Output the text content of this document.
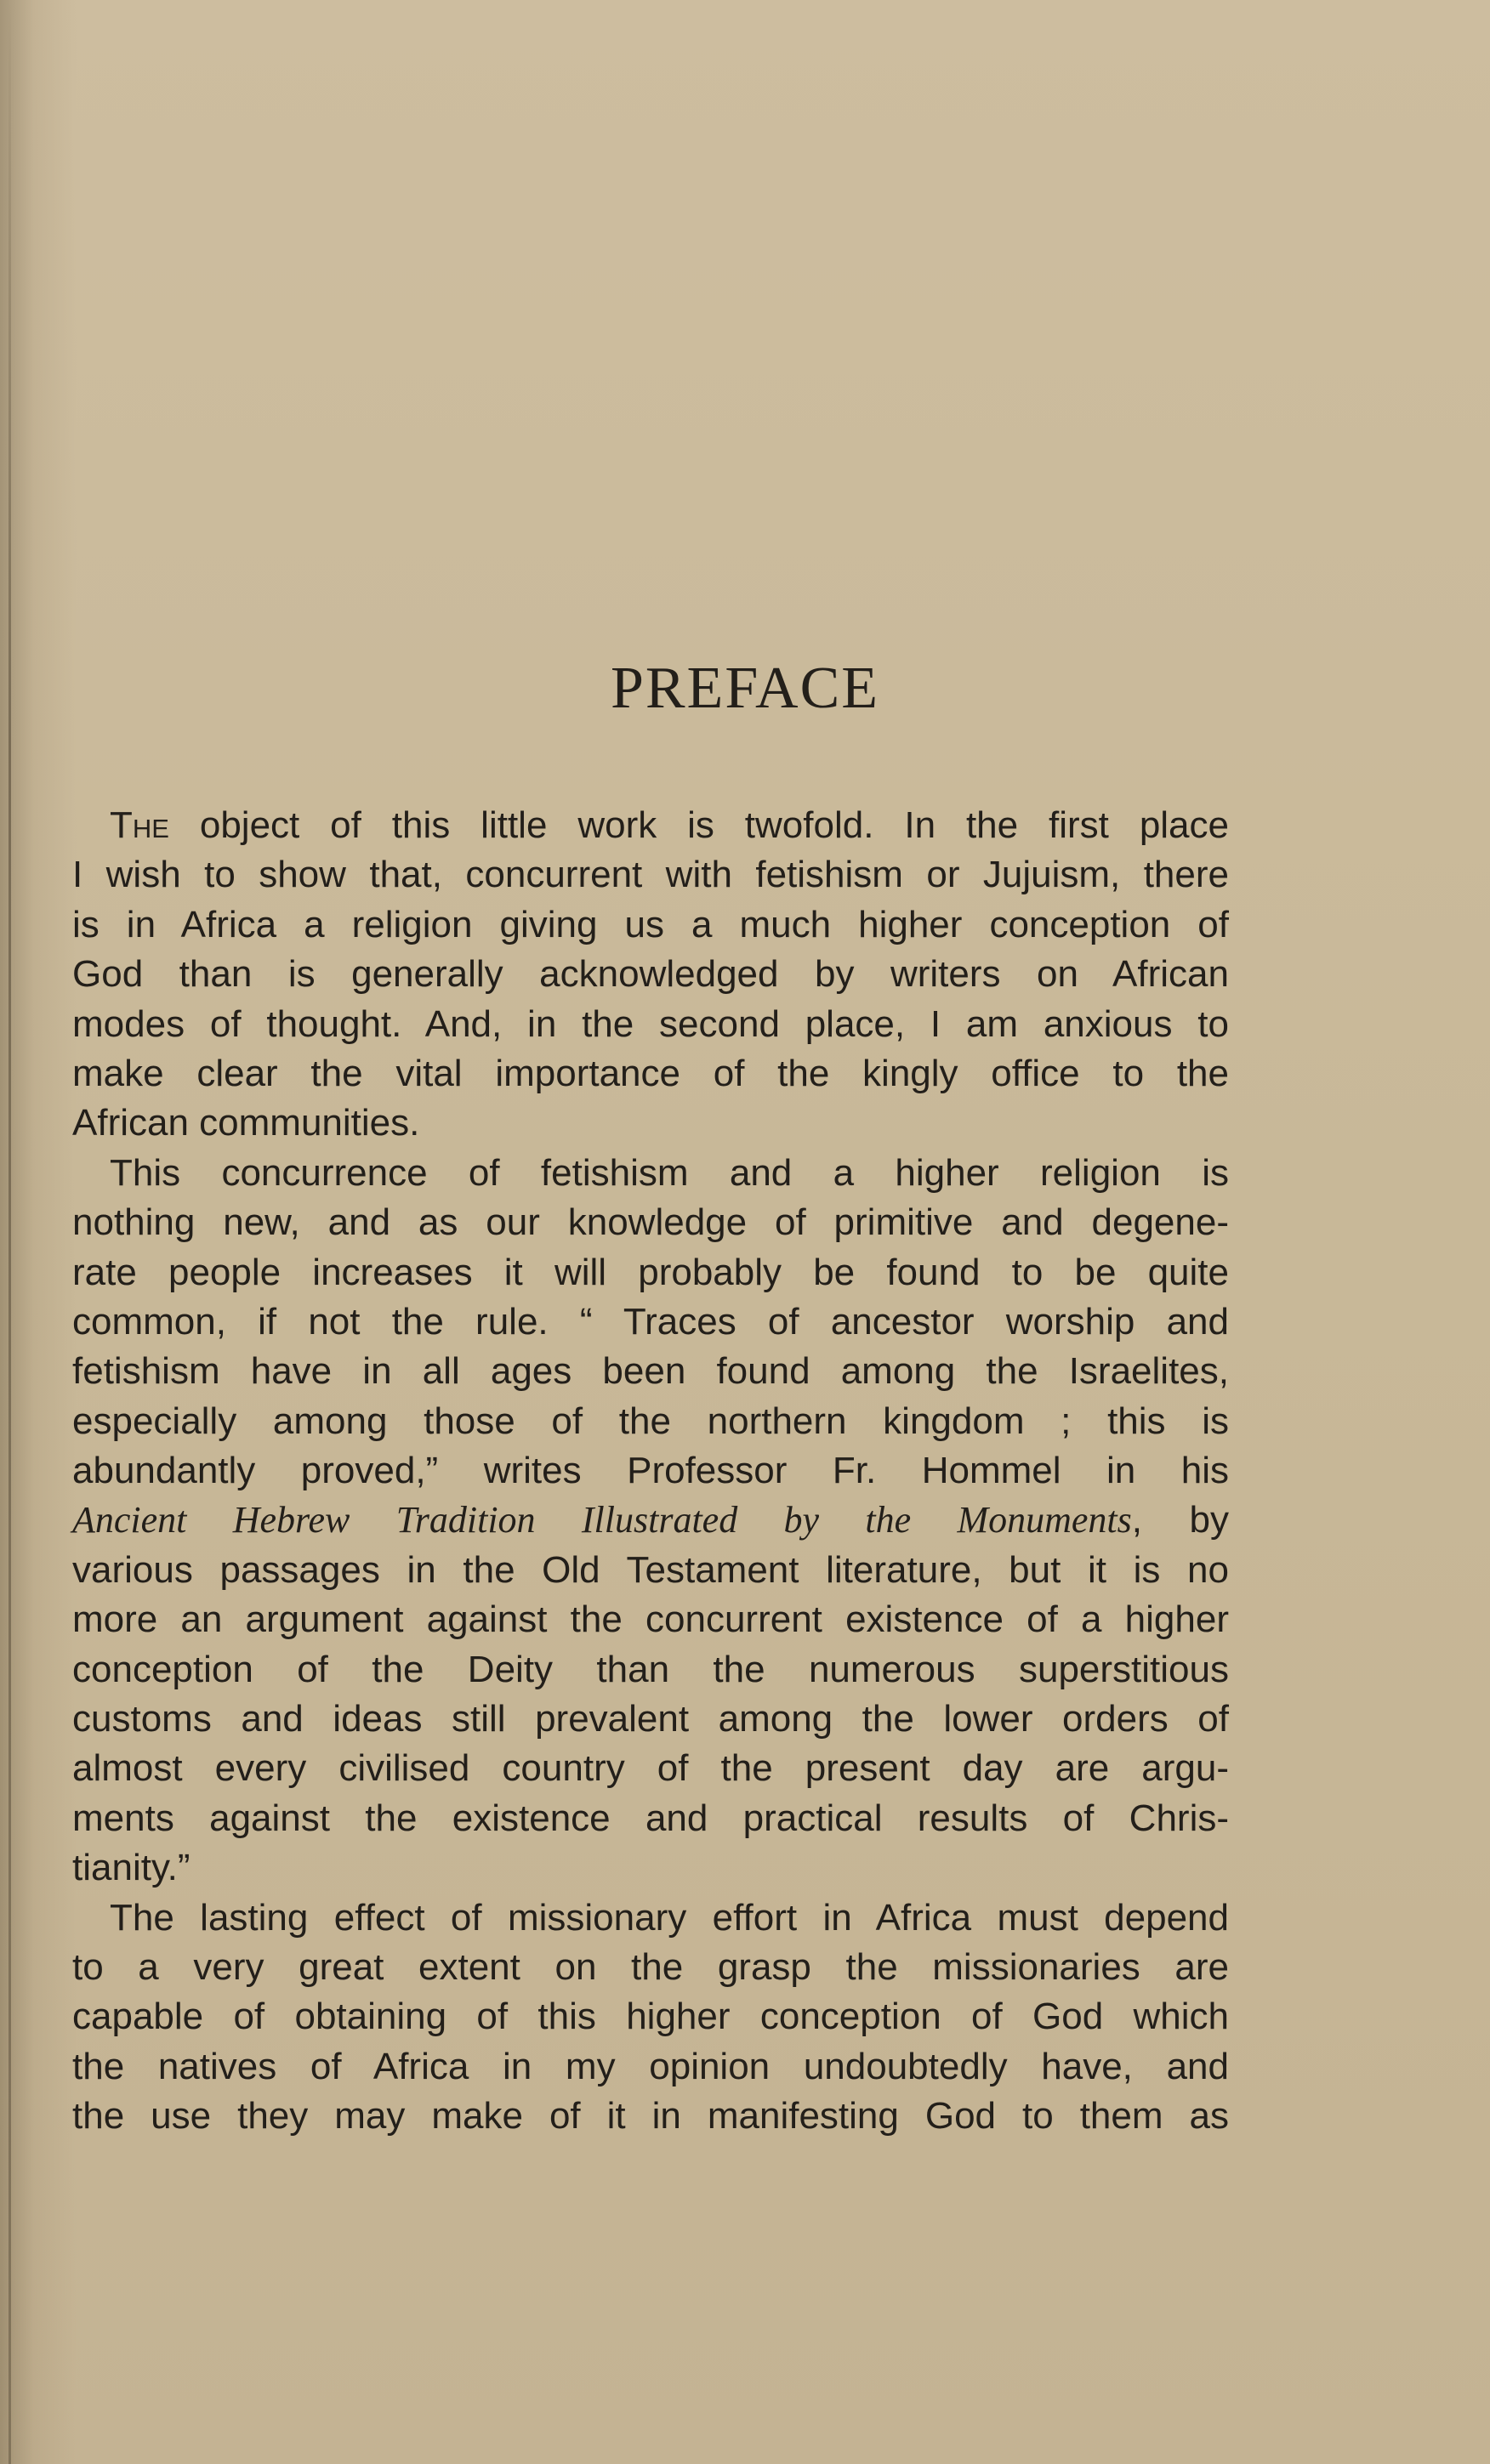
PREFACE
The object of this little work is twofold. In the first place
I wish to show that, concurrent with fetishism or Jujuism, there
is in Africa a religion giving us a much higher conception of
God than is generally acknowledged by writers on African
modes of thought. And, in the second place, I am anxious to
make clear the vital importance of the kingly office to the
African communities.
This concurrence of fetishism and a higher religion is
nothing new, and as our knowledge of primitive and degene-
rate people increases it will probably be found to be quite
common, if not the rule. “ Traces of ancestor worship and
fetishism have in all ages been found among the Israelites,
especially among those of the northern kingdom ; this is
abundantly proved,” writes Professor Fr. Hommel in his
Ancient Hebrew Tradition Illustrated by the Monuments, by
various passages in the Old Testament literature, but it is no
more an argument against the concurrent existence of a higher
conception of the Deity than the numerous superstitious
customs and ideas still prevalent among the lower orders of
almost every civilised country of the present day are argu-
ments against the existence and practical results of Chris-
tianity.”
The lasting effect of missionary effort in Africa must depend
to a very great extent on the grasp the missionaries are
capable of obtaining of this higher conception of God which
the natives of Africa in my opinion undoubtedly have, and
the use they may make of it in manifesting God to them as
